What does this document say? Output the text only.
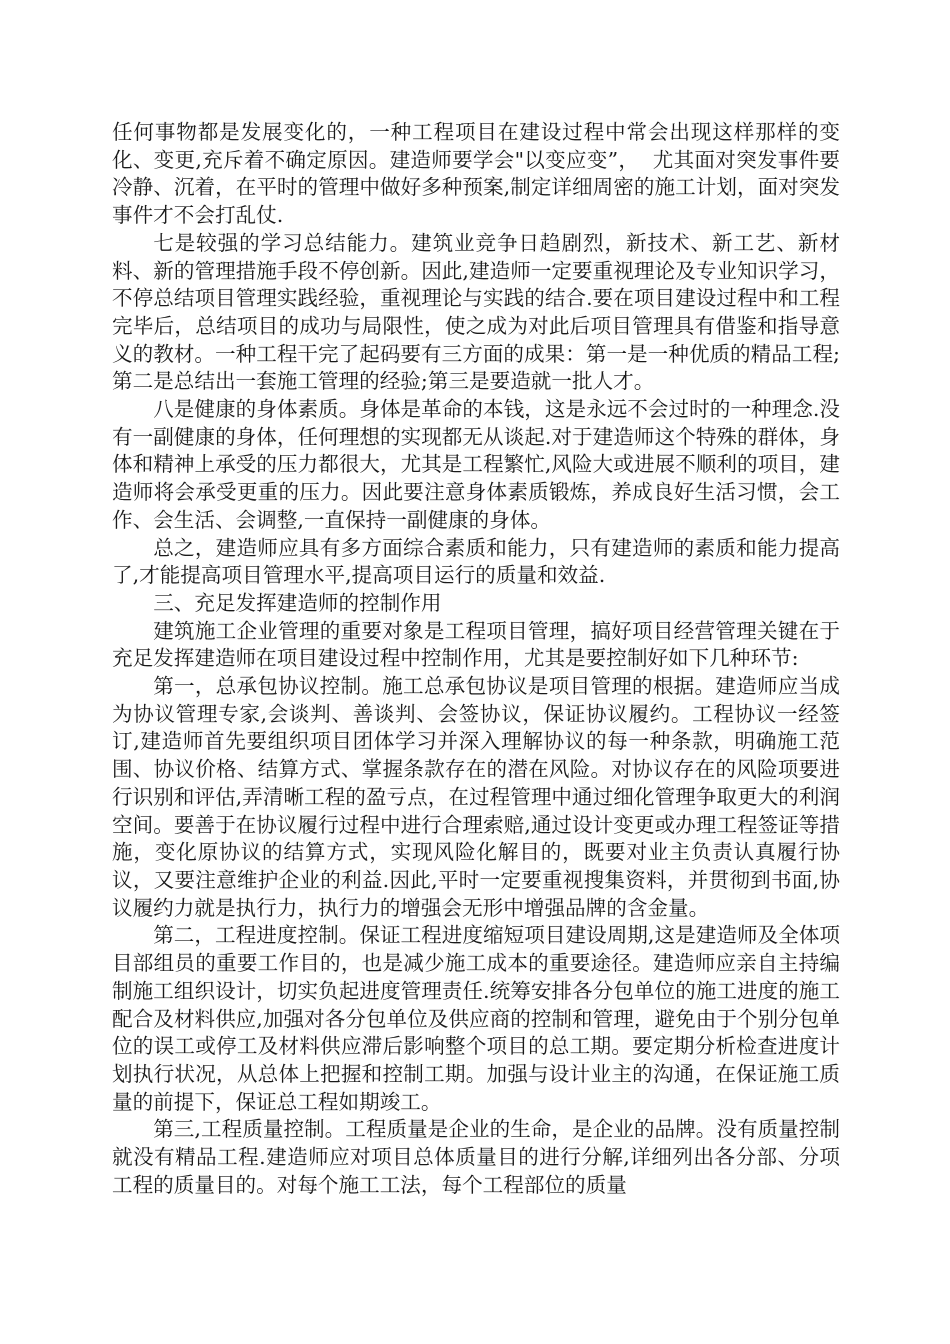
任何事物都是发展变化的，一种工程项目在建设过程中常会出现这样那样的变化、变更,充斥着不确定原因。建造师要学会"以变应变”，  尤其面对突发事件要冷静、沉着，在平时的管理中做好多种预案,制定详细周密的施工计划，面对突发事件才不会打乱仗.

七是较强的学习总结能力。建筑业竞争日趋剧烈，新技术、新工艺、新材料、新的管理措施手段不停创新。因此,建造师一定要重视理论及专业知识学习，不停总结项目管理实践经验，重视理论与实践的结合.要在项目建设过程中和工程完毕后，总结项目的成功与局限性，使之成为对此后项目管理具有借鉴和指导意义的教材。一种工程干完了起码要有三方面的成果：第一是一种优质的精品工程;第二是总结出一套施工管理的经验;第三是要造就一批人才。

八是健康的身体素质。身体是革命的本钱，这是永远不会过时的一种理念.没有一副健康的身体，任何理想的实现都无从谈起.对于建造师这个特殊的群体，身体和精神上承受的压力都很大，尤其是工程繁忙,风险大或进展不顺利的项目，建造师将会承受更重的压力。因此要注意身体素质锻炼，养成良好生活习惯，会工作、会生活、会调整,一直保持一副健康的身体。

总之，建造师应具有多方面综合素质和能力，只有建造师的素质和能力提高了,才能提高项目管理水平,提高项目运行的质量和效益.

三、充足发挥建造师的控制作用

建筑施工企业管理的重要对象是工程项目管理，搞好项目经营管理关键在于充足发挥建造师在项目建设过程中控制作用，尤其是要控制好如下几种环节:

第一，总承包协议控制。施工总承包协议是项目管理的根据。建造师应当成为协议管理专家,会谈判、善谈判、会签协议，保证协议履约。工程协议一经签订,建造师首先要组织项目团体学习并深入理解协议的每一种条款，明确施工范围、协议价格、结算方式、掌握条款存在的潜在风险。对协议存在的风险项要进行识别和评估,弄清晰工程的盈亏点，在过程管理中通过细化管理争取更大的利润空间。要善于在协议履行过程中进行合理索赔,通过设计变更或办理工程签证等措施，变化原协议的结算方式，实现风险化解目的，既要对业主负责认真履行协议，又要注意维护企业的利益.因此,平时一定要重视搜集资料，并贯彻到书面,协议履约力就是执行力，执行力的增强会无形中增强品牌的含金量。

第二，工程进度控制。保证工程进度缩短项目建设周期,这是建造师及全体项目部组员的重要工作目的，也是减少施工成本的重要途径。建造师应亲自主持编制施工组织设计，切实负起进度管理责任.统筹安排各分包单位的施工进度的施工配合及材料供应,加强对各分包单位及供应商的控制和管理，避免由于个别分包单位的误工或停工及材料供应滞后影响整个项目的总工期。要定期分析检查进度计划执行状况，从总体上把握和控制工期。加强与设计业主的沟通，在保证施工质量的前提下，保证总工程如期竣工。

第三,工程质量控制。工程质量是企业的生命，是企业的品牌。没有质量控制就没有精品工程.建造师应对项目总体质量目的进行分解,详细列出各分部、分项工程的质量目的。对每个施工工法，每个工程部位的质量
